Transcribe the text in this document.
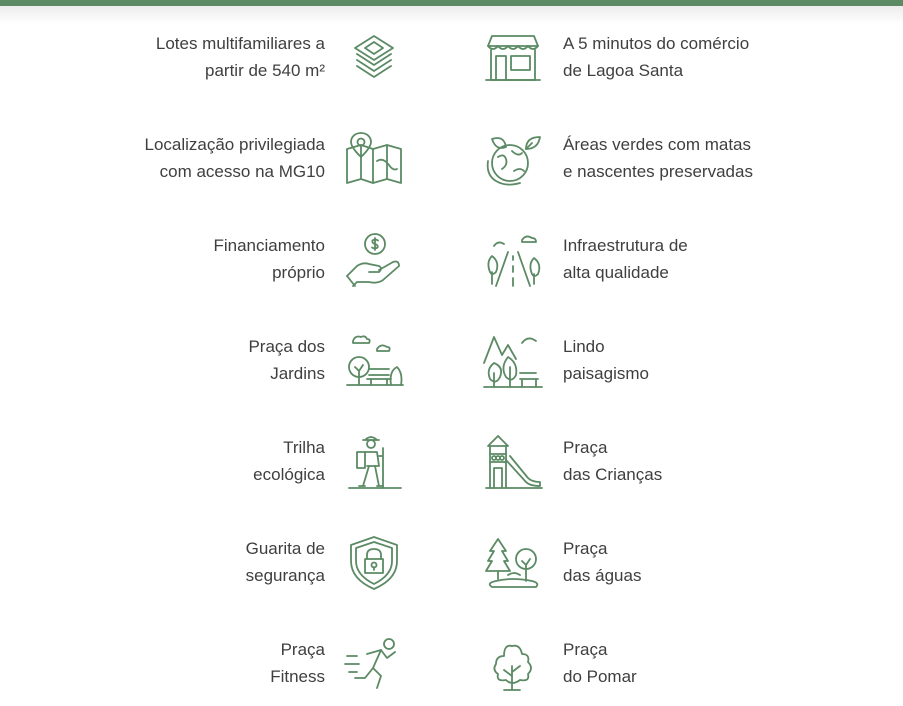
Lotes multifamiliares a
partir de 540 m²
A 5 minutos do comércio
de Lagoa Santa
Localização privilegiada
com acesso na MG10
Áreas verdes com matas
e nascentes preservadas
Financiamento
próprio
Infraestrutura de
alta qualidade
Praça dos
Jardins
Lindo
paisagismo
Trilha
ecológica
Praça
das Crianças
Guarita de
segurança
Praça
das águas
Praça
Fitness
Praça
do Pomar
